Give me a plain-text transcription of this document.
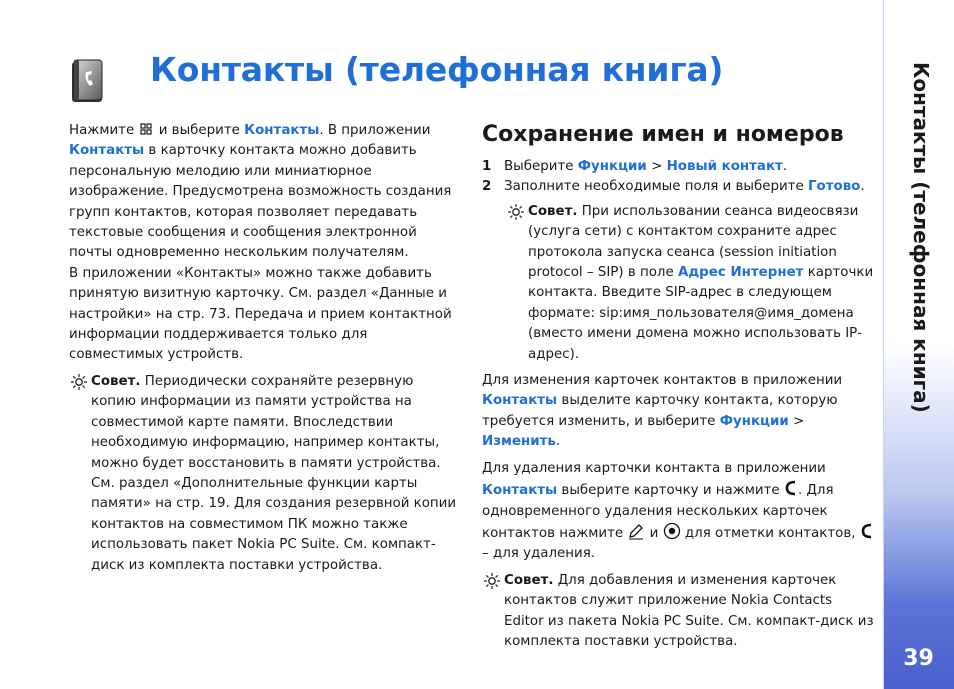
Контакты (телефонная книга)

Нажмите и выберите Контакты. В приложении Контакты в карточку контакта можно добавить персональную мелодию или миниатюрное изображение. Предусмотрена возможность создания групп контактов, которая позволяет передавать текстовые сообщения и сообщения электронной почты одновременно нескольким получателям.

В приложении «Контакты» можно также добавить принятую визитную карточку. См. раздел «Данные и настройки» на стр. 73. Передача и прием контактной информации поддерживается только для совместимых устройств.

Совет. Периодически сохраняйте резервную копию информации из памяти устройства на совместимой карте памяти. Впоследствии необходимую информацию, например контакты, можно будет восстановить в памяти устройства. См. раздел «Дополнительные функции карты памяти» на стр. 19. Для создания резервной копии контактов на совместимом ПК можно также использовать пакет Nokia PC Suite. См. компакт-диск из комплекта поставки устройства.
Сохранение имен и номеров
1 Выберите Функции > Новый контакт.
2 Заполните необходимые поля и выберите Готово.
Совет. При использовании сеанса видеосвязи (услуга сети) с контактом сохраните адрес протокола запуска сеанса (session initiation protocol – SIP) в поле Адрес Интернет карточки контакта. Введите SIP-адрес в следующем формате: sip:имя_пользователя@имя_домена (вместо имени домена можно использовать IP-адрес).

Для изменения карточек контактов в приложении Контакты выделите карточку контакта, которую требуется изменить, и выберите Функции > Изменить.

Для удаления карточки контакта в приложении Контакты выберите карточку и нажмите . Для одновременного удаления нескольких карточек контактов нажмите и для отметки контактов,  – для удаления.

Совет. Для добавления и изменения карточек контактов служит приложение Nokia Contacts Editor из пакета Nokia PC Suite. См. компакт-диск из комплекта поставки устройства.
Контакты (телефонная книга)
39
